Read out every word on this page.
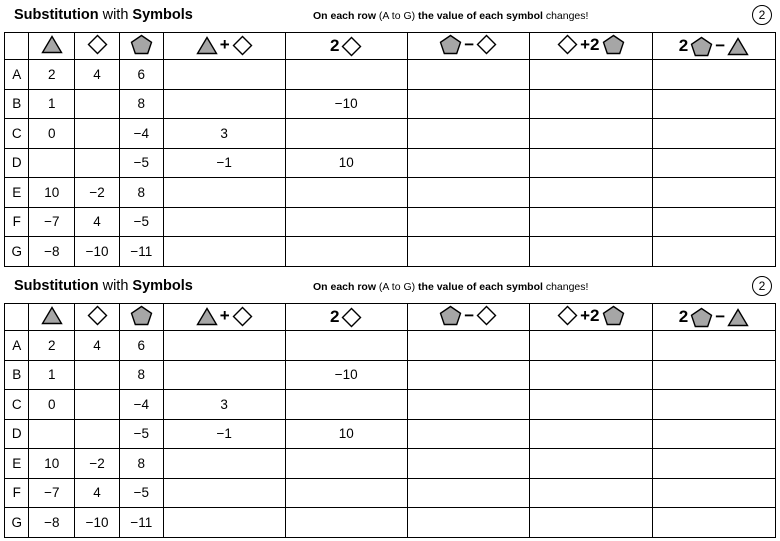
Substitution with Symbols	On each row (A to G) the value of each symbol changes!	2

+	2	−	+2	2 −

A	2	4	6					
B	1		8		−10			
C	0		−4	3				
D			−5	−1	10			
E	10	−2	8					
F	−7	4	−5					
G	−8	−10	−11					
Substitution with Symbols	On each row (A to G) the value of each symbol changes!	2

+	2	−	+2	2 −

A	2	4	6					
B	1		8		−10			
C	0		−4	3				
D			−5	−1	10			
E	10	−2	8					
F	−7	4	−5					
G	−8	−10	−11					
